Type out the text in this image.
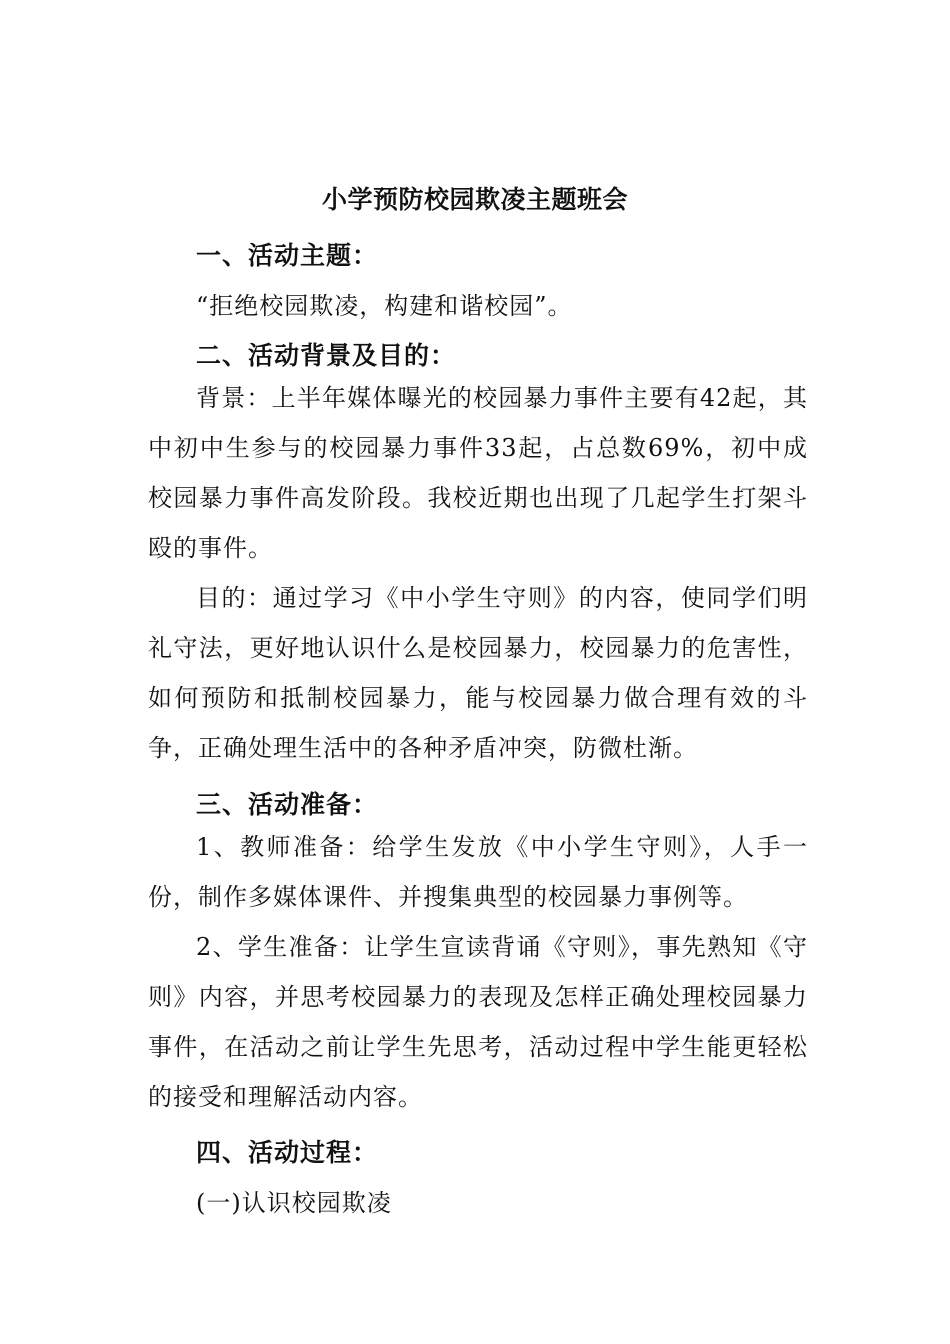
小学预防校园欺凌主题班会
一、活动主题：
“拒绝校园欺凌，构建和谐校园”。
二、活动背景及目的：
背景：上半年媒体曝光的校园暴力事件主要有42起，其中初中生参与的校园暴力事件33起，占总数69%，初中成校园暴力事件高发阶段。我校近期也出现了几起学生打架斗殴的事件。
目的：通过学习《中小学生守则》的内容，使同学们明礼守法，更好地认识什么是校园暴力，校园暴力的危害性，如何预防和抵制校园暴力，能与校园暴力做合理有效的斗争，正确处理生活中的各种矛盾冲突，防微杜渐。
三、活动准备：
1、教师准备：给学生发放《中小学生守则》，人手一份，制作多媒体课件、并搜集典型的校园暴力事例等。
2、学生准备：让学生宣读背诵《守则》，事先熟知《守则》内容，并思考校园暴力的表现及怎样正确处理校园暴力事件，在活动之前让学生先思考，活动过程中学生能更轻松的接受和理解活动内容。
四、活动过程：
(一)认识校园欺凌
